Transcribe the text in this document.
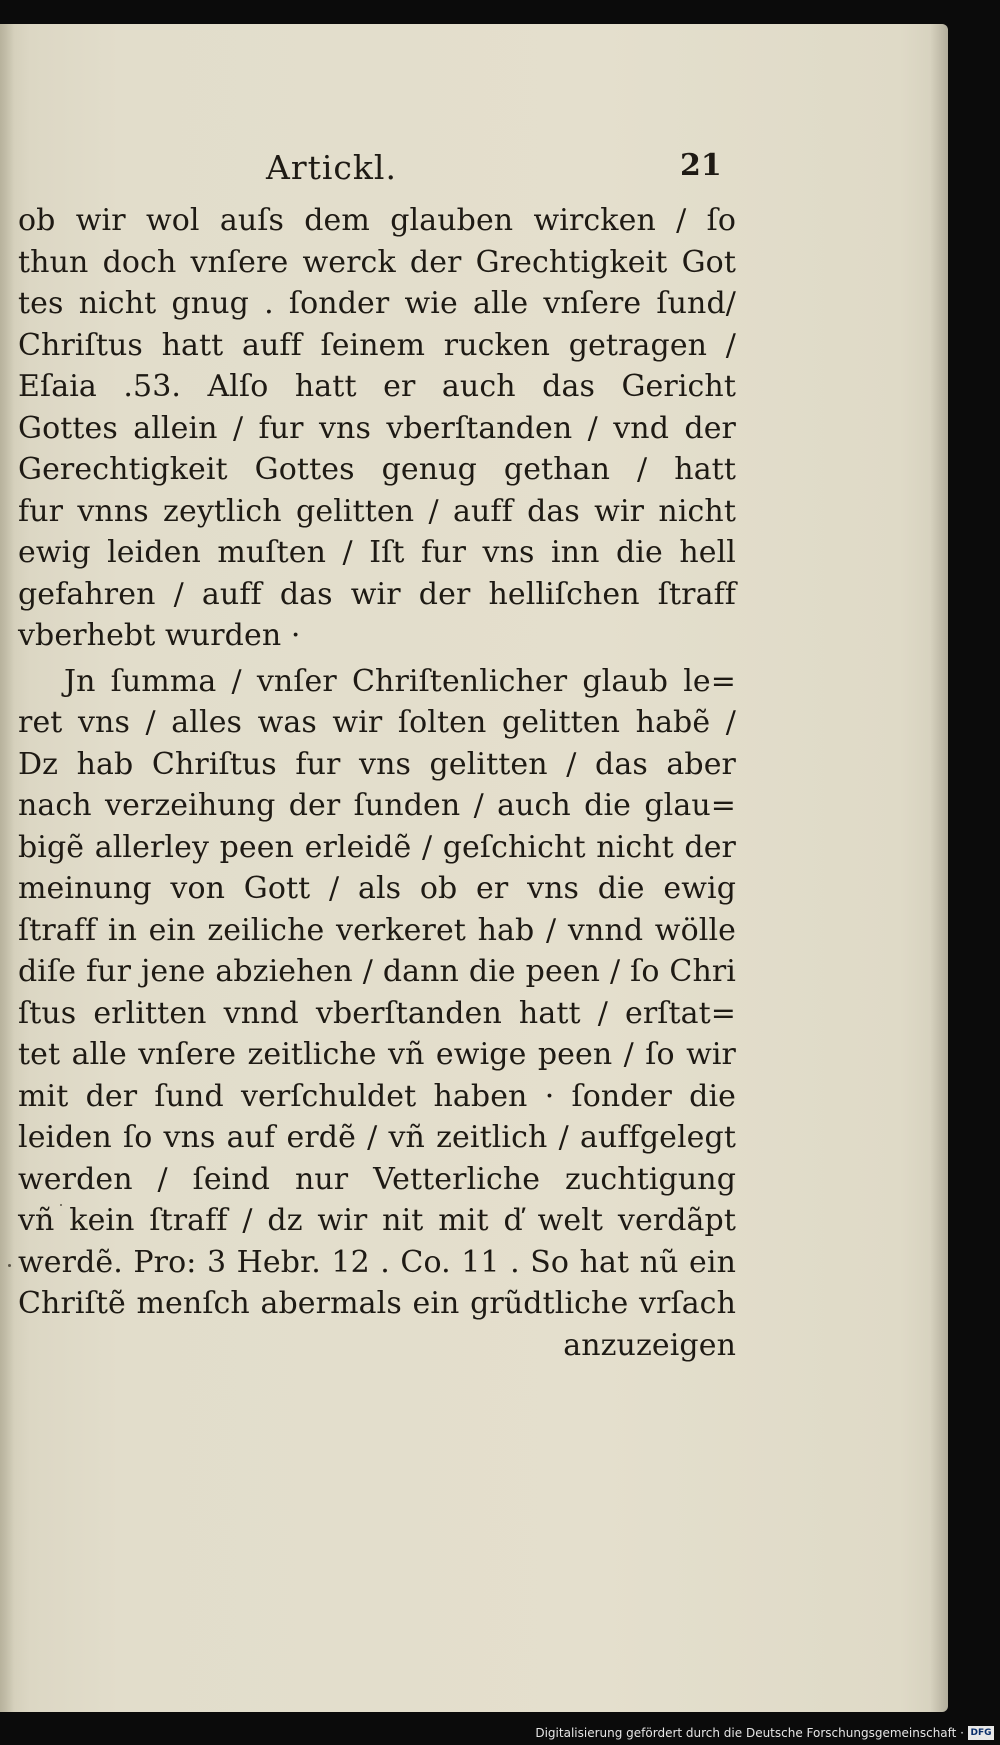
Artickl.	21
ob wir wol auſs dem glauben wircken / ſo
thun doch vnſere werck der Grechtigkeit Got
tes nicht gnug . ſonder wie alle vnſere ſund/
Chriſtus hatt auff ſeinem rucken getragen /
Eſaia .53. Alſo hatt er auch das Gericht
Gottes allein / fur vns vberſtanden / vnd der
Gerechtigkeit Gottes genug gethan / hatt
fur vnns zeytlich gelitten / auff das wir nicht
ewig leiden muſten / Iſt fur vns inn die hell
gefahren / auff das wir der helliſchen ſtraff
vberhebt wurden ·
Jn ſumma / vnſer Chriſtenlicher glaub le=
ret vns / alles was wir ſolten gelitten habẽ /
Dz hab Chriſtus fur vns gelitten / das aber
nach verzeihung der ſunden / auch die glau=
bigẽ allerley peen erleidẽ / geſchicht nicht der
meinung von Gott / als ob er vns die ewig
ſtraff in ein zeiliche verkeret hab / vnnd wölle
diſe fur jene abziehen / dann die peen / ſo Chri
ſtus erlitten vnnd vberſtanden hatt / erſtat=
tet alle vnſere zeitliche vñ ewige peen / ſo wir
mit der ſund verſchuldet haben · ſonder die
leiden ſo vns auf erdẽ / vñ zeitlich / auffgelegt
werden / ſeind nur Vetterliche zuchtigung
vñ kein ſtraff / dz wir nit mit ď welt verdãpt
werdẽ. Pro: 3 Hebr. 12 . Co. 11 . So hat nũ ein
Chriſtẽ menſch abermals ein grũdtliche vrſach
anzuzeigen
Digitalisierung gefördert durch die Deutsche Forschungsgemeinschaft · DFG
